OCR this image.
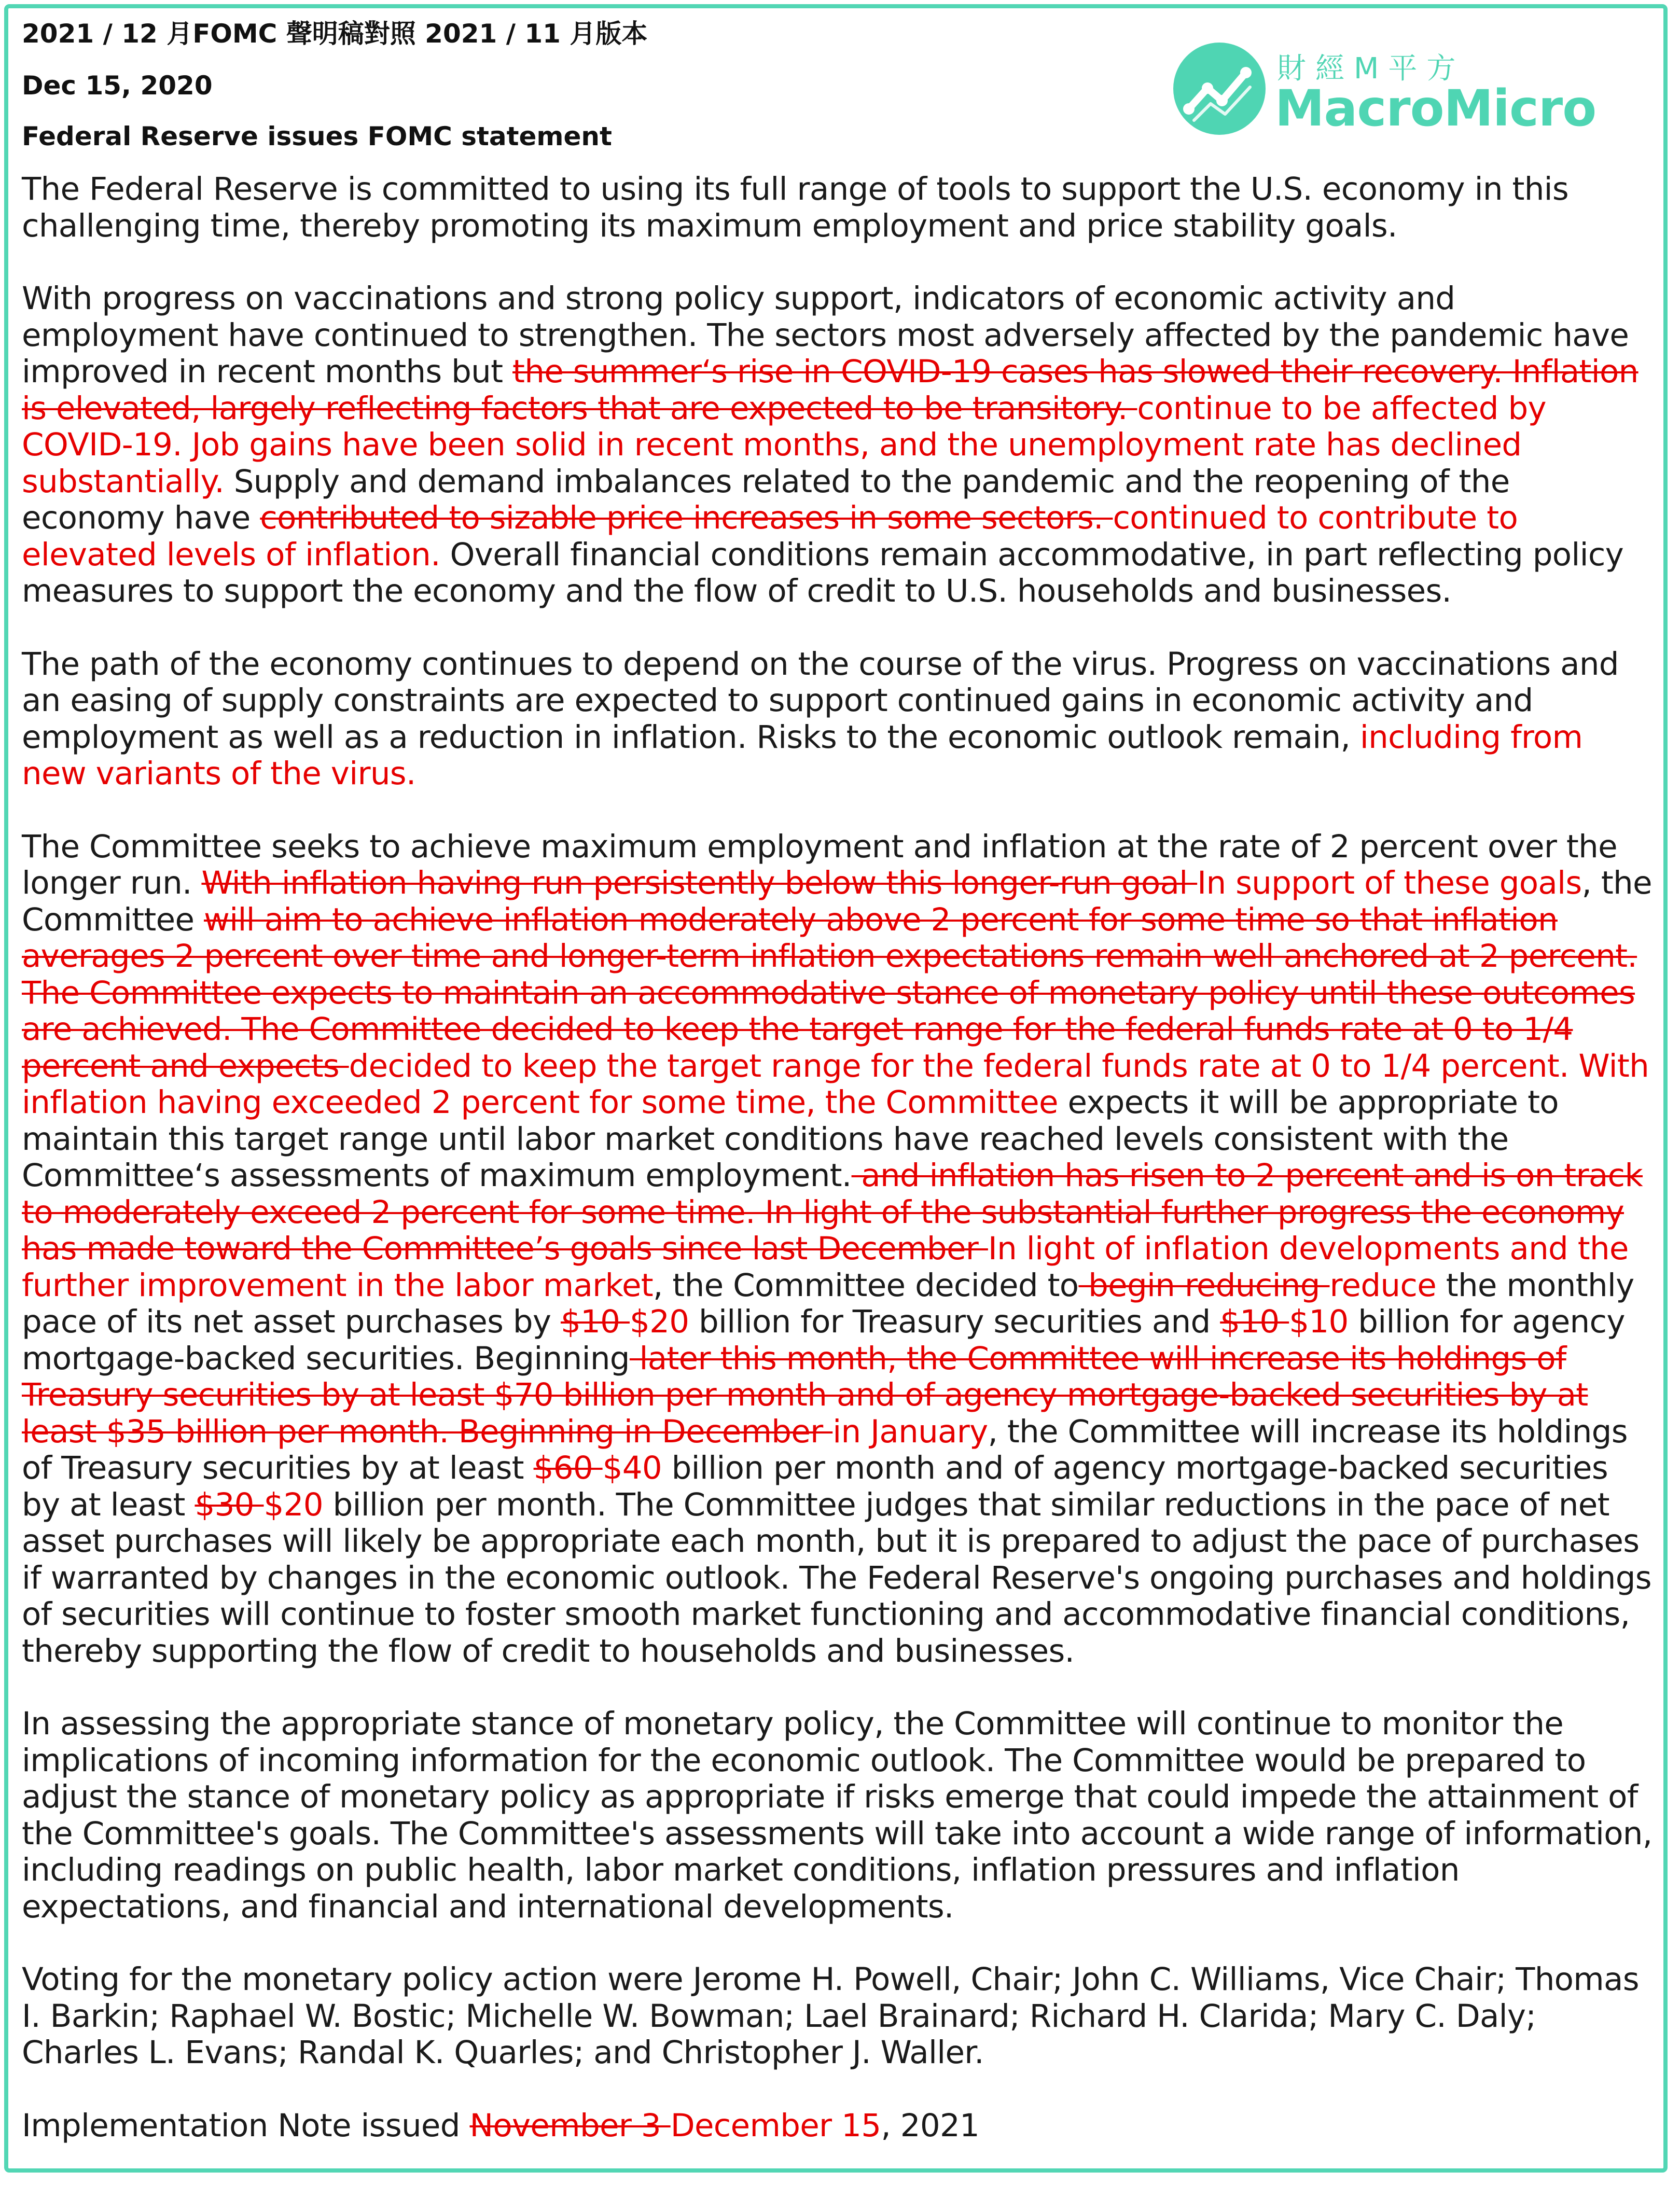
財經M平方
MacroMicro
2021 / 12 月FOMC 聲明稿對照 2021 / 11 月版本
Dec 15, 2020
Federal Reserve issues FOMC statement

The Federal Reserve is committed to using its full range of tools to support the U.S. economy in this challenging time, thereby promoting its maximum employment and price stability goals.

With progress on vaccinations and strong policy support, indicators of economic activity and employment have continued to strengthen. The sectors most adversely affected by the pandemic have improved in recent months but the summer‘s rise in COVID-19 cases has slowed their recovery. Inflation is elevated, largely reflecting factors that are expected to be transitory. continue to be affected by COVID-19. Job gains have been solid in recent months, and the unemployment rate has declined substantially. Supply and demand imbalances related to the pandemic and the reopening of the economy have contributed to sizable price increases in some sectors. continued to contribute to elevated levels of inflation. Overall financial conditions remain accommodative, in part reflecting policy measures to support the economy and the flow of credit to U.S. households and businesses.

The path of the economy continues to depend on the course of the virus. Progress on vaccinations and an easing of supply constraints are expected to support continued gains in economic activity and employment as well as a reduction in inflation. Risks to the economic outlook remain, including from new variants of the virus.

The Committee seeks to achieve maximum employment and inflation at the rate of 2 percent over the longer run. With inflation having run persistently below this longer-run goal In support of these goals, the Committee will aim to achieve inflation moderately above 2 percent for some time so that inflation averages 2 percent over time and longer-term inflation expectations remain well anchored at 2 percent. The Committee expects to maintain an accommodative stance of monetary policy until these outcomes are achieved. The Committee decided to keep the target range for the federal funds rate at 0 to 1/4 percent and expects decided to keep the target range for the federal funds rate at 0 to 1/4 percent. With inflation having exceeded 2 percent for some time, the Committee expects it will be appropriate to maintain this target range until labor market conditions have reached levels consistent with the Committee‘s assessments of maximum employment. and inflation has risen to 2 percent and is on track to moderately exceed 2 percent for some time. In light of the substantial further progress the economy has made toward the Committee’s goals since last December In light of inflation developments and the further improvement in the labor market, the Committee decided to begin reducing reduce the monthly pace of its net asset purchases by $10 $20 billion for Treasury securities and $10 $10 billion for agency mortgage-backed securities. Beginning later this month, the Committee will increase its holdings of Treasury securities by at least $70 billion per month and of agency mortgage-backed securities by at least $35 billion per month. Beginning in December in January, the Committee will increase its holdings of Treasury securities by at least $60 $40 billion per month and of agency mortgage-backed securities by at least $30 $20 billion per month. The Committee judges that similar reductions in the pace of net asset purchases will likely be appropriate each month, but it is prepared to adjust the pace of purchases if warranted by changes in the economic outlook. The Federal Reserve's ongoing purchases and holdings of securities will continue to foster smooth market functioning and accommodative financial conditions, thereby supporting the flow of credit to households and businesses.

In assessing the appropriate stance of monetary policy, the Committee will continue to monitor the implications of incoming information for the economic outlook. The Committee would be prepared to adjust the stance of monetary policy as appropriate if risks emerge that could impede the attainment of the Committee's goals. The Committee's assessments will take into account a wide range of information, including readings on public health, labor market conditions, inflation pressures and inflation expectations, and financial and international developments.

Voting for the monetary policy action were Jerome H. Powell, Chair; John C. Williams, Vice Chair; Thomas I. Barkin; Raphael W. Bostic; Michelle W. Bowman; Lael Brainard; Richard H. Clarida; Mary C. Daly; Charles L. Evans; Randal K. Quarles; and Christopher J. Waller.

Implementation Note issued November 3 December 15, 2021
